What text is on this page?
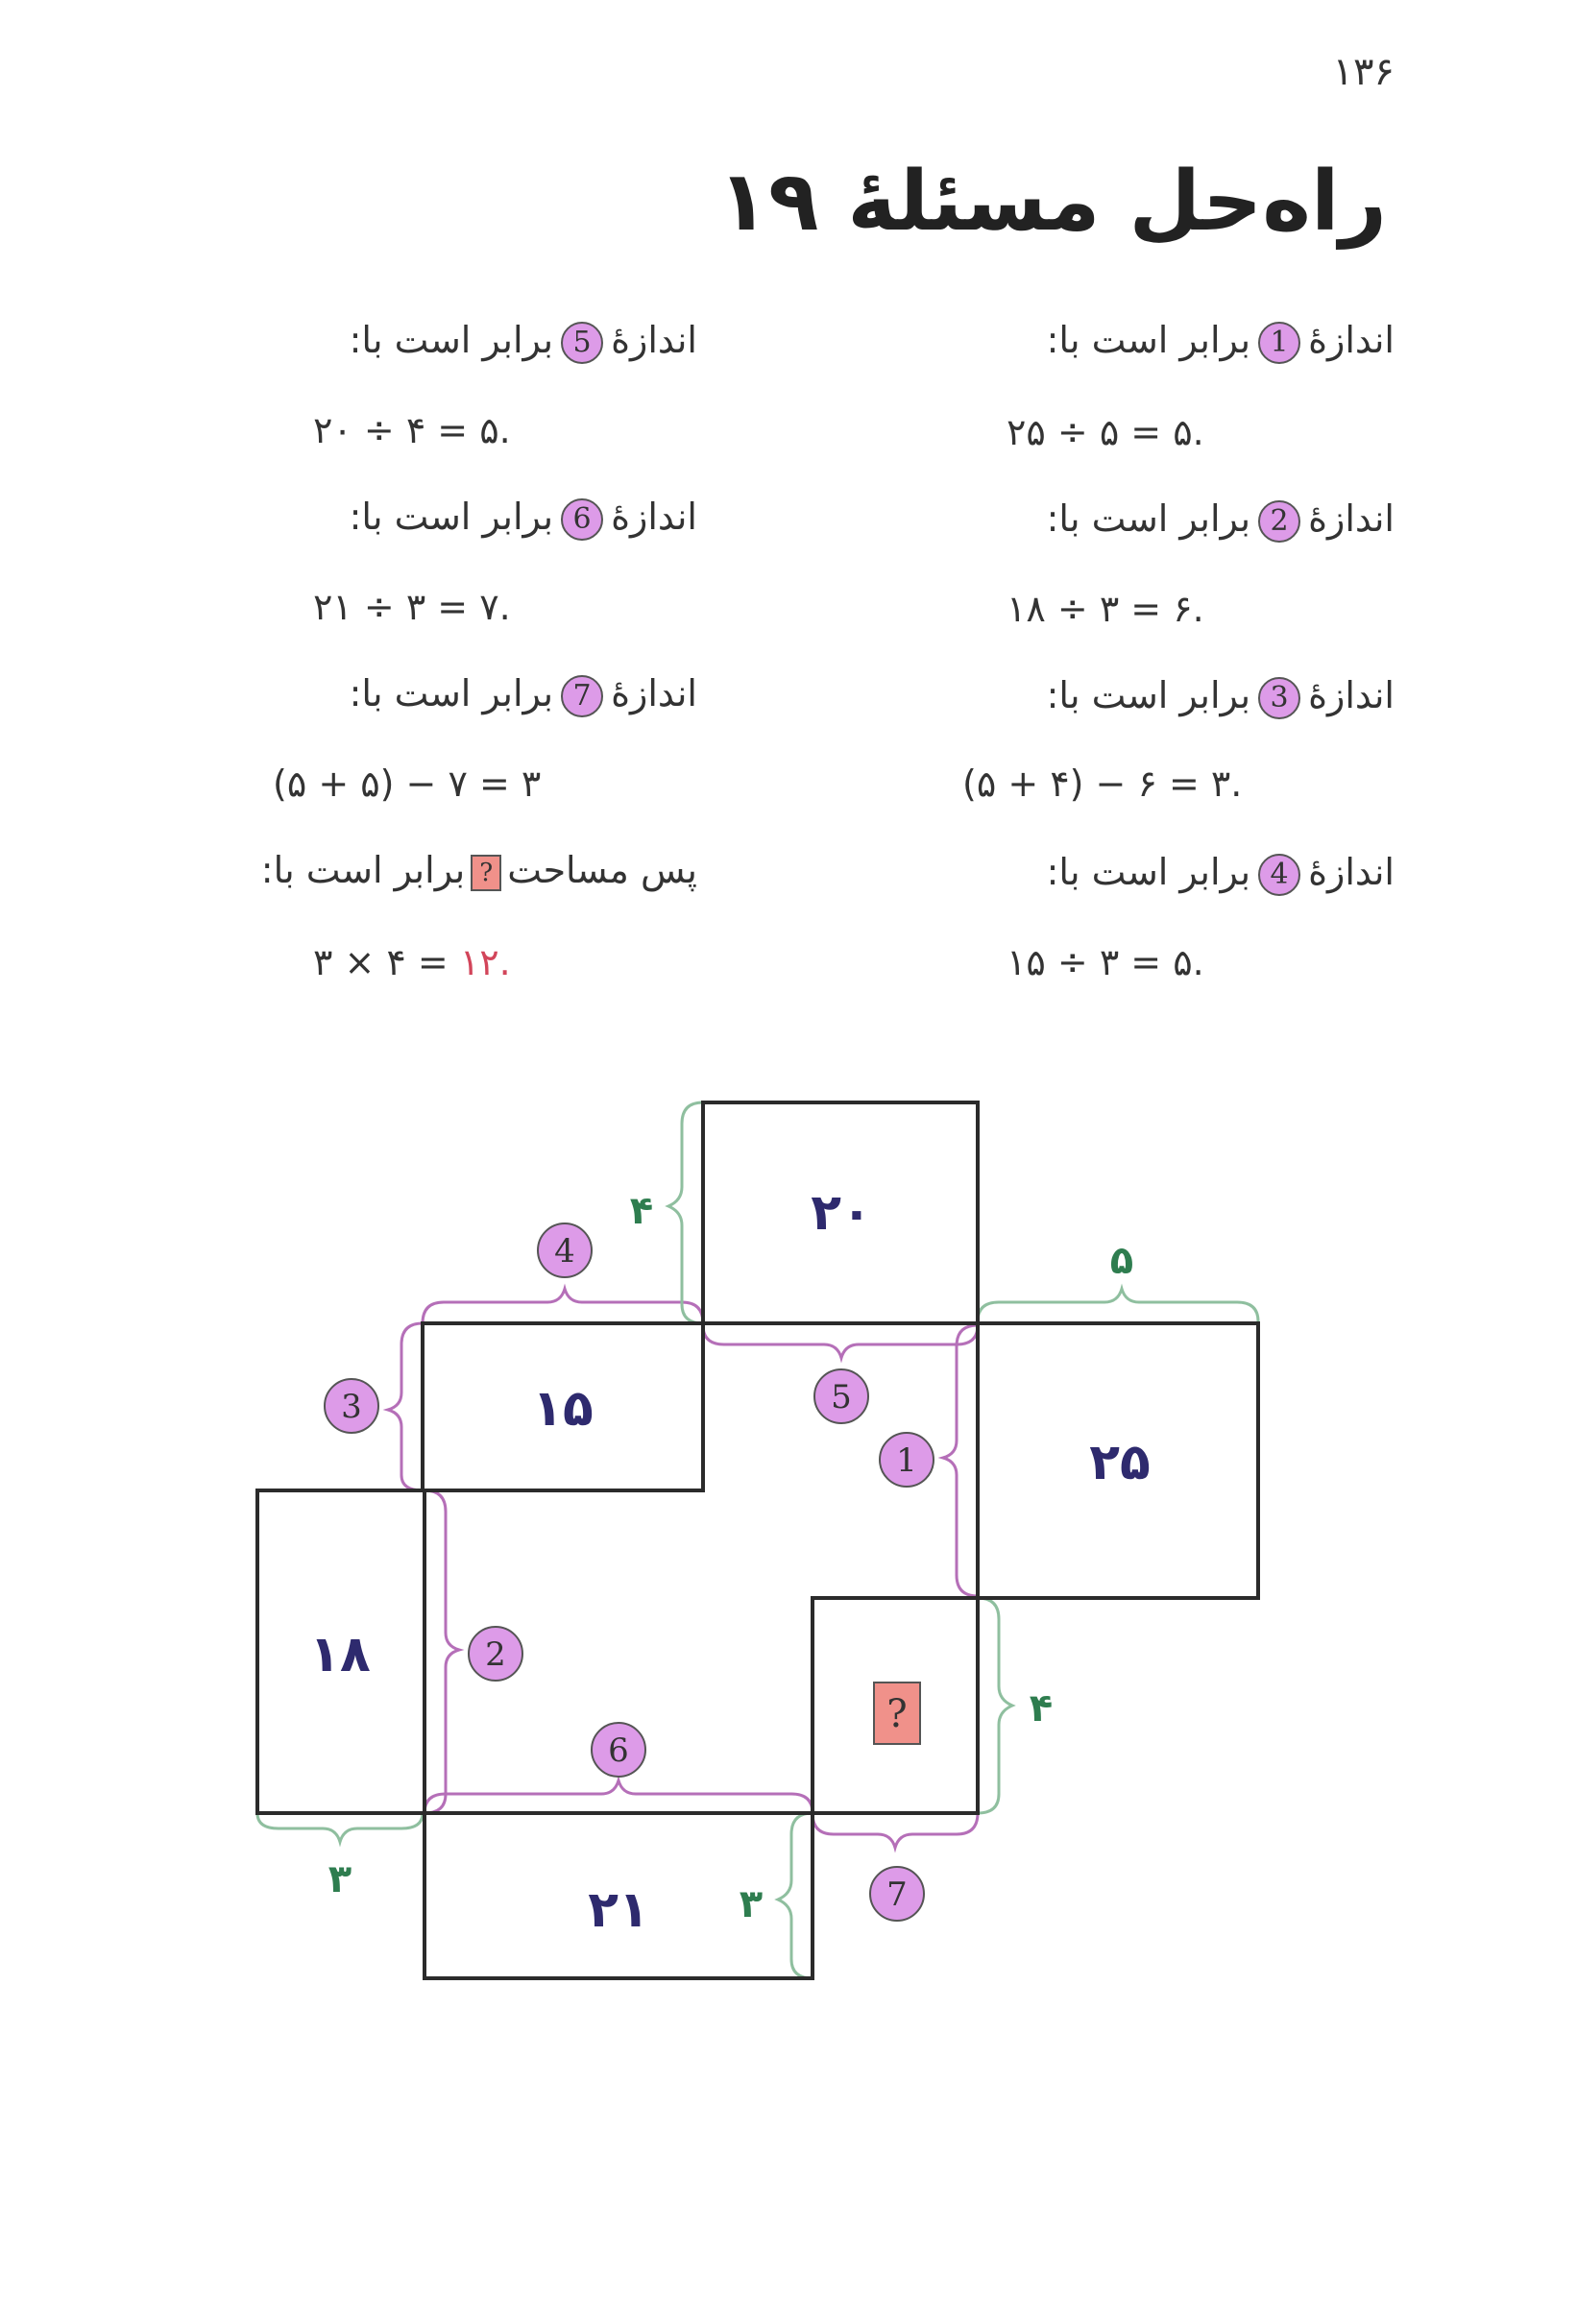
۱۳۶
راه‌حل مسئلهٔ ۱۹
اندازهٔ1برابر است با:
۲۵ ÷ ۵ = ۵.
اندازهٔ2برابر است با:
۱۸ ÷ ۳ = ۶.
اندازهٔ3برابر است با:
(۵ + ۴) − ۶ = ۳.
اندازهٔ4برابر است با:
۱۵ ÷ ۳ = ۵.
اندازهٔ5برابر است با:
۲۰ ÷ ۴ = ۵.
اندازهٔ6برابر است با:
۲۱ ÷ ۳ = ۷.
اندازهٔ7برابر است با:
(۵ + ۵) − ۷ = ۳
پس مساحت?برابر است با:
۳ × ۴ = ۱۲.
?
۲۰
۱۵
۲۵
۱۸
۲۱
۴
۵
۴
۳
۳
1
2
3
4
5
6
7
